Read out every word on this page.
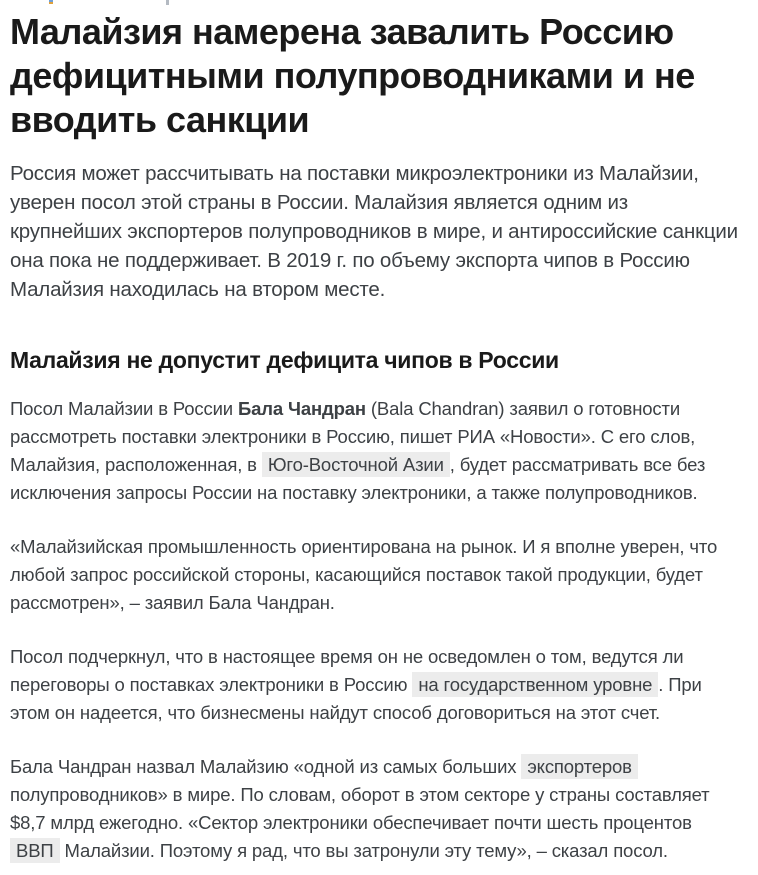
Малайзия намерена завалить Россию дефицитными полупроводниками и не вводить санкции

Россия может рассчитывать на поставки микроэлектроники из Малайзии, уверен посол этой страны в России. Малайзия является одним из крупнейших экспортеров полупроводников в мире, и антироссийские санкции она пока не поддерживает. В 2019 г. по объему экспорта чипов в Россию Малайзия находилась на втором месте.

Малайзия не допустит дефицита чипов в России

Посол Малайзии в России Бала Чандран (Bala Chandran) заявил о готовности рассмотреть поставки электроники в Россию, пишет РИА «Новости». С его слов, Малайзия, расположенная, в Юго-Восточной Азии , будет рассматривать все без исключения запросы России на поставку электроники, а также полупроводников.

«Малайзийская промышленность ориентирована на рынок. И я вполне уверен, что любой запрос российской стороны, касающийся поставок такой продукции, будет рассмотрен», – заявил Бала Чандран.

Посол подчеркнул, что в настоящее время он не осведомлен о том, ведутся ли переговоры о поставках электроники в Россию на государственном уровне . При этом он надеется, что бизнесмены найдут способ договориться на этот счет.

Бала Чандран назвал Малайзию «одной из самых больших экспортеров полупроводников» в мире. По словам, оборот в этом секторе у страны составляет $8,7 млрд ежегодно. «Сектор электроники обеспечивает почти шесть процентов ВВП Малайзии. Поэтому я рад, что вы затронули эту тему», – сказал посол.
